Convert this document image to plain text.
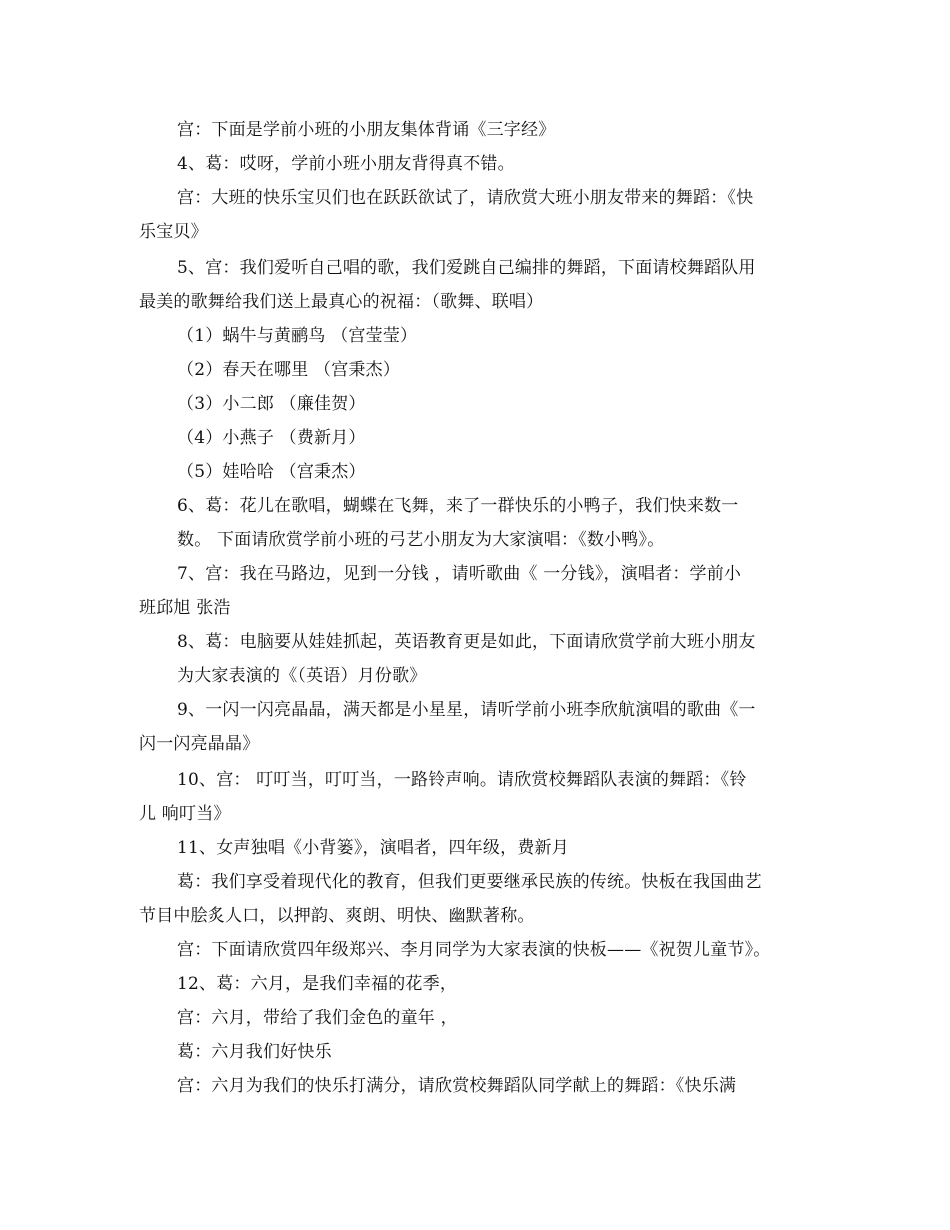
宫：下面是学前小班的小朋友集体背诵《三字经》
4、葛：哎呀，学前小班小朋友背得真不错。
宫：大班的快乐宝贝们也在跃跃欲试了，请欣赏大班小朋友带来的舞蹈：《快
乐宝贝》
5、宫：我们爱听自己唱的歌，我们爱跳自己编排的舞蹈，下面请校舞蹈队用
最美的歌舞给我们送上最真心的祝福：（歌舞、联唱）
（1）蜗牛与黄鹂鸟 （宫莹莹）
（2）春天在哪里 （宫秉杰）
（3）小二郎 （廉佳贺）
（4）小燕子 （费新月）
（5）娃哈哈 （宫秉杰）
6、葛：花儿在歌唱，蝴蝶在飞舞，来了一群快乐的小鸭子，我们快来数一
数。 下面请欣赏学前小班的弓艺小朋友为大家演唱：《数小鸭》。
7、宫：我在马路边，见到一分钱 ，请听歌曲《 一分钱》，演唱者：学前小
班邱旭 张浩
8、葛：电脑要从娃娃抓起，英语教育更是如此，下面请欣赏学前大班小朋友
为大家表演的《（英语）月份歌》
9、一闪一闪亮晶晶，满天都是小星星，请听学前小班李欣航演唱的歌曲《一
闪一闪亮晶晶》
10、宫： 叮叮当，叮叮当，一路铃声响。请欣赏校舞蹈队表演的舞蹈：《铃
儿 响叮当》
11、女声独唱《小背篓》，演唱者，四年级，费新月
葛：我们享受着现代化的教育，但我们更要继承民族的传统。快板在我国曲艺
节目中脍炙人口，以押韵、爽朗、明快、幽默著称。
宫：下面请欣赏四年级郑兴、李月同学为大家表演的快板——《祝贺儿童节》。
12、葛：六月，是我们幸福的花季，
宫：六月，带给了我们金色的童年 ，
葛：六月我们好快乐
宫：六月为我们的快乐打满分，请欣赏校舞蹈队同学献上的舞蹈：《快乐满
